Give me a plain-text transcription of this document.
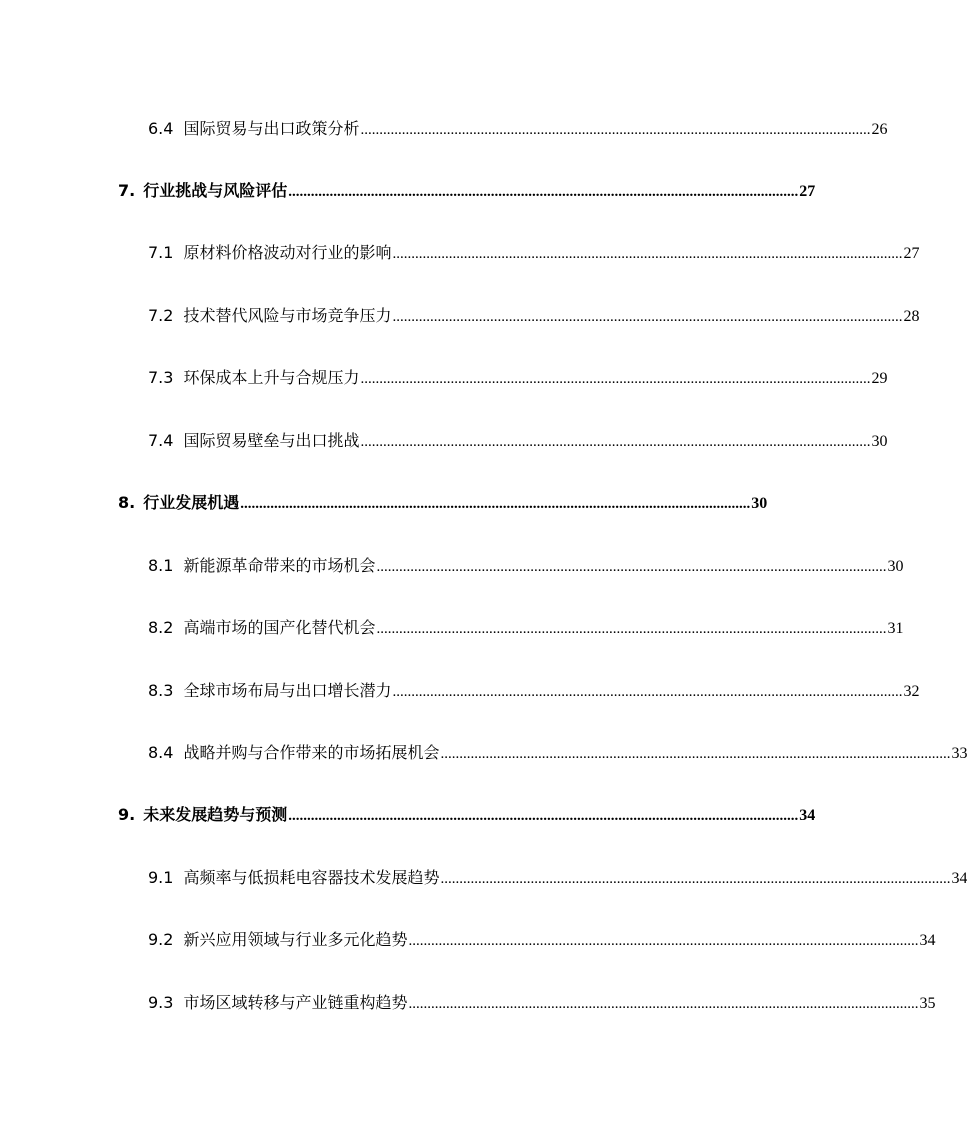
6.4 国际贸易与出口政策分析 ........................................................................................................................................ 26
7. 行业挑战与风险评估 ........................................................................................................................................ 27
7.1 原材料价格波动对行业的影响 ........................................................................................................................................ 27
7.2 技术替代风险与市场竞争压力 ........................................................................................................................................ 28
7.3 环保成本上升与合规压力 ........................................................................................................................................ 29
7.4 国际贸易壁垒与出口挑战 ........................................................................................................................................ 30
8. 行业发展机遇 ........................................................................................................................................ 30
8.1 新能源革命带来的市场机会 ........................................................................................................................................ 30
8.2 高端市场的国产化替代机会 ........................................................................................................................................ 31
8.3 全球市场布局与出口增长潜力 ........................................................................................................................................ 32
8.4 战略并购与合作带来的市场拓展机会 ........................................................................................................................................ 33
9. 未来发展趋势与预测 ........................................................................................................................................ 34
9.1 高频率与低损耗电容器技术发展趋势 ........................................................................................................................................ 34
9.2 新兴应用领域与行业多元化趋势 ........................................................................................................................................ 34
9.3 市场区域转移与产业链重构趋势 ........................................................................................................................................ 35
